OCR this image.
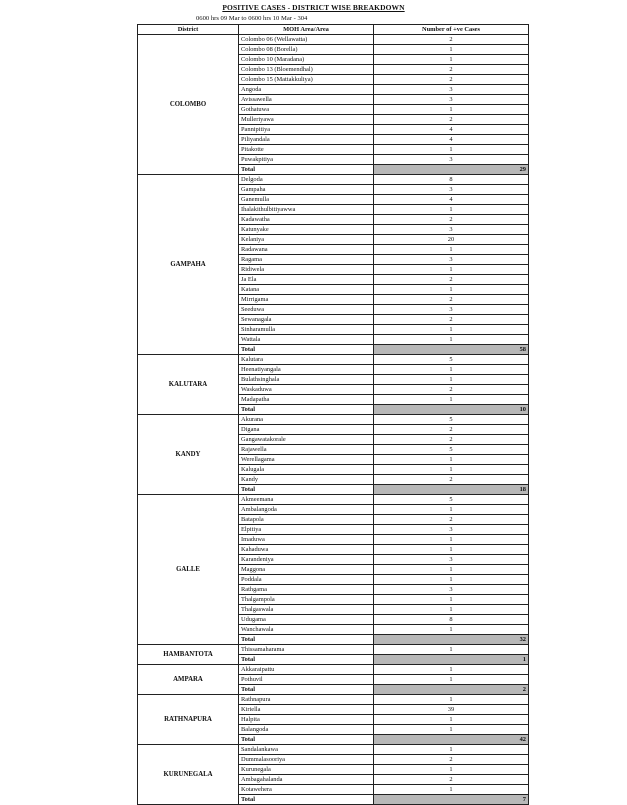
POSITIVE CASES - DISTRICT WISE BREAKDOWN
0600 hrs 09 Mar to 0600 hrs 10 Mar - 304
District	MOH Area/Area	Number of +ve Cases
COLOMBO	Colombo 06 (Wellawatta)	2
	Colombo 08 (Borella)	1
	Colombo 10 (Maradana)	1
	Colombo 13 (Bloemendhal)	2
	Colombo 15 (Mattakkuliya)	2
	Angoda	3
	Avissawella	3
	Gothatuwa	1
	Mulleriyawa	2
	Pannipitiya	4
	Piliyandala	4
	Pitakotte	1
	Puwakpitiya	3
	Total	29
GAMPAHA	Delgoda	8
	Gampaha	3
	Ganemulla	4
	Ihalakithulbitiyawwa	1
	Kadawatha	2
	Katunyake	3
	Kelaniya	20
	Radawana	1
	Ragama	3
	Ridiwela	1
	Ja Ela	2
	Katana	1
	Mirrigama	2
	Seeduwa	3
	Sewanagala	2
	Sinharamulla	1
	Wattala	1
	Total	58
KALUTARA	Kalutara	5
	Heenatiyangala	1
	Bulathsinghala	1
	Waskaduwa	2
	Madapatha	1
	Total	10
KANDY	Akurana	5
	Digana	2
	Gangawatakorale	2
	Rajawella	5
	Werellagama	1
	Kalugala	1
	Kandy	2
	Total	18
GALLE	Akmeemana	5
	Ambalangoda	1
	Batapola	2
	Elpitiya	3
	Imaduwa	1
	Kahaduwa	1
	Karandeniya	3
	Maggona	1
	Poddala	1
	Rathgama	3
	Thalgampola	1
	Thalgaswala	1
	Udugama	8
	Wanchawala	1
	Total	32
HAMBANTOTA	Thissamaharama	1
	Total	1
AMPARA	Akkaraipattu	1
	Pothuvil	1
	Total	2
RATHNAPURA	Rathnapura	1
	Kiriella	39
	Halpita	1
	Balangoda	1
	Total	42
KURUNEGALA	Sandalankawa	1
	Dummalasooriya	2
	Kurunegala	1
	Ambagahalanda	2
	Kotawehera	1
	Total	7
